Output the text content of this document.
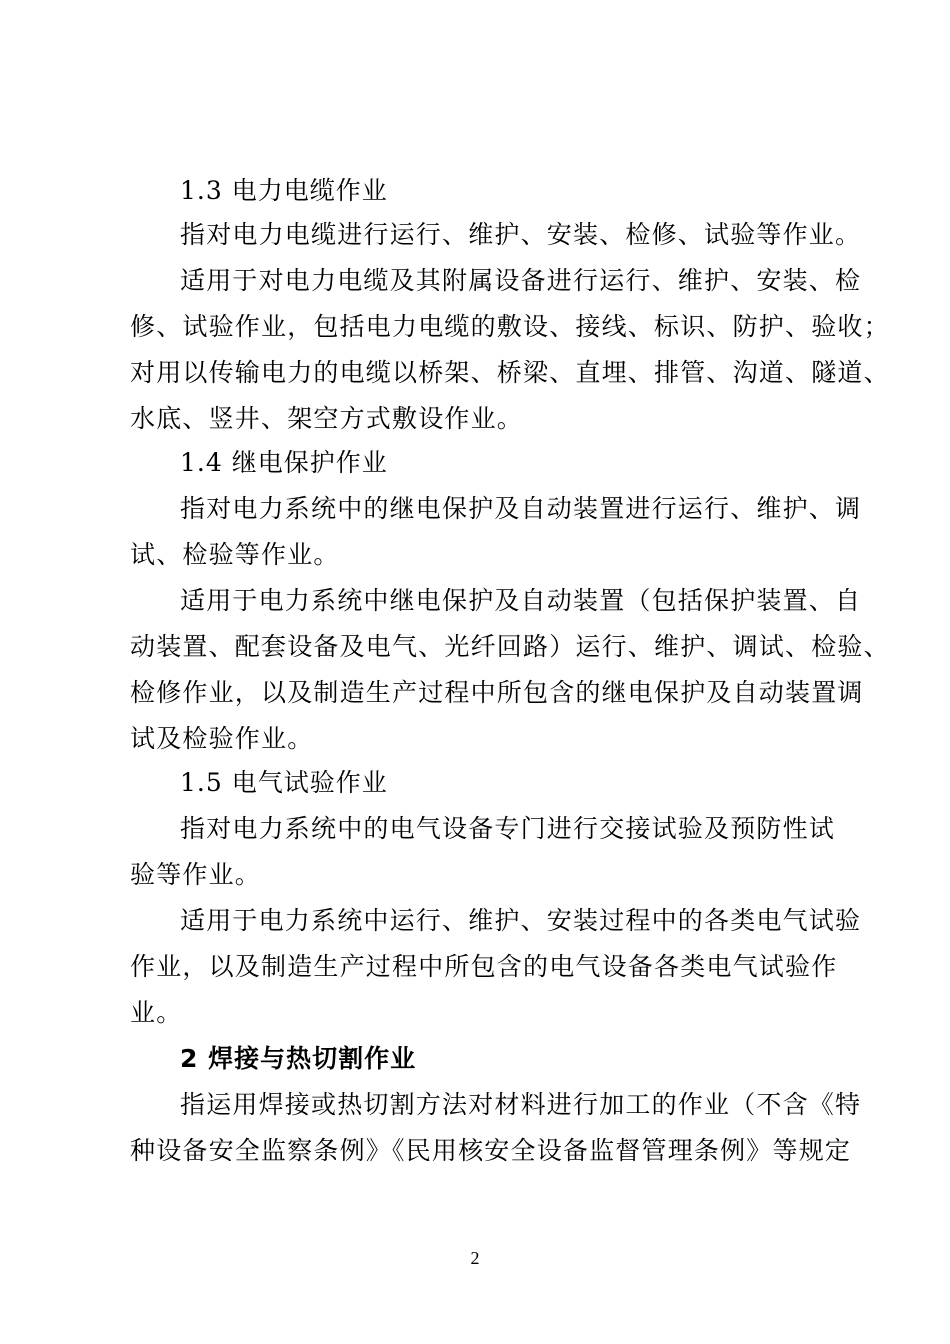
1.3 电力电缆作业
指对电力电缆进行运行、维护、安装、检修、试验等作业。
适用于对电力电缆及其附属设备进行运行、维护、安装、检
修、试验作业，包括电力电缆的敷设、接线、标识、防护、验收；
对用以传输电力的电缆以桥架、桥梁、直埋、排管、沟道、隧道、
水底、竖井、架空方式敷设作业。
1.4 继电保护作业
指对电力系统中的继电保护及自动装置进行运行、维护、调
试、检验等作业。
适用于电力系统中继电保护及自动装置（包括保护装置、自
动装置、配套设备及电气、光纤回路）运行、维护、调试、检验、
检修作业，以及制造生产过程中所包含的继电保护及自动装置调
试及检验作业。
1.5 电气试验作业
指对电力系统中的电气设备专门进行交接试验及预防性试
验等作业。
适用于电力系统中运行、维护、安装过程中的各类电气试验
作业，以及制造生产过程中所包含的电气设备各类电气试验作
业。
2 焊接与热切割作业
指运用焊接或热切割方法对材料进行加工的作业（不含《特
种设备安全监察条例》《民用核安全设备监督管理条例》等规定
2
